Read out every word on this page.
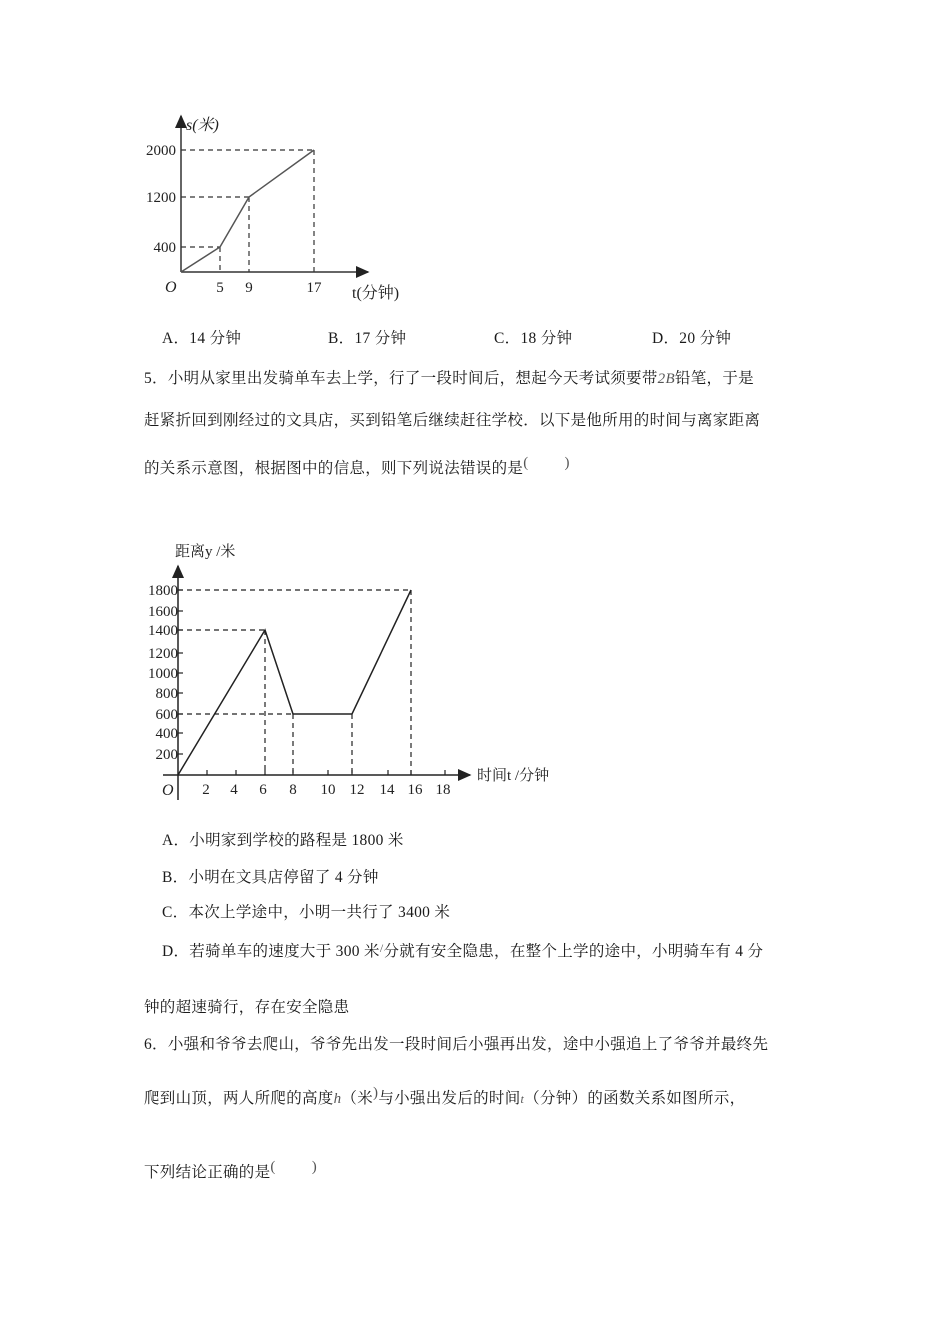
s(米)
2000
1200
400
O	5 9	17 t(分钟)
A．14 分钟	B．17 分钟	C．18 分钟	D．20 分钟
5．小明从家里出发骑单车去上学，行了一段时间后，想起今天考试须要带2B铅笔，于是
赶紧折回到刚经过的文具店，买到铅笔后继续赶往学校．以下是他所用的时间与离家距离
的关系示意图，根据图中的信息，则下列说法错误的是( )
距离y /米
1800
1600
1400
1200
1000
800
600
400
200
O 2 4 6 8 10 12 14 16 18
时间t /分钟
A．小明家到学校的路程是 1800 米
B．小明在文具店停留了 4 分钟
C．本次上学途中，小明一共行了 3400 米
D．若骑单车的速度大于 300 米/分就有安全隐患，在整个上学的途中，小明骑车有 4 分
钟的超速骑行，存在安全隐患
6．小强和爷爷去爬山，爷爷先出发一段时间后小强再出发，途中小强追上了爷爷并最终先
爬到山顶，两人所爬的高度h（米)与小强出发后的时间t（分钟）的函数关系如图所示，
下列结论正确的是( )
